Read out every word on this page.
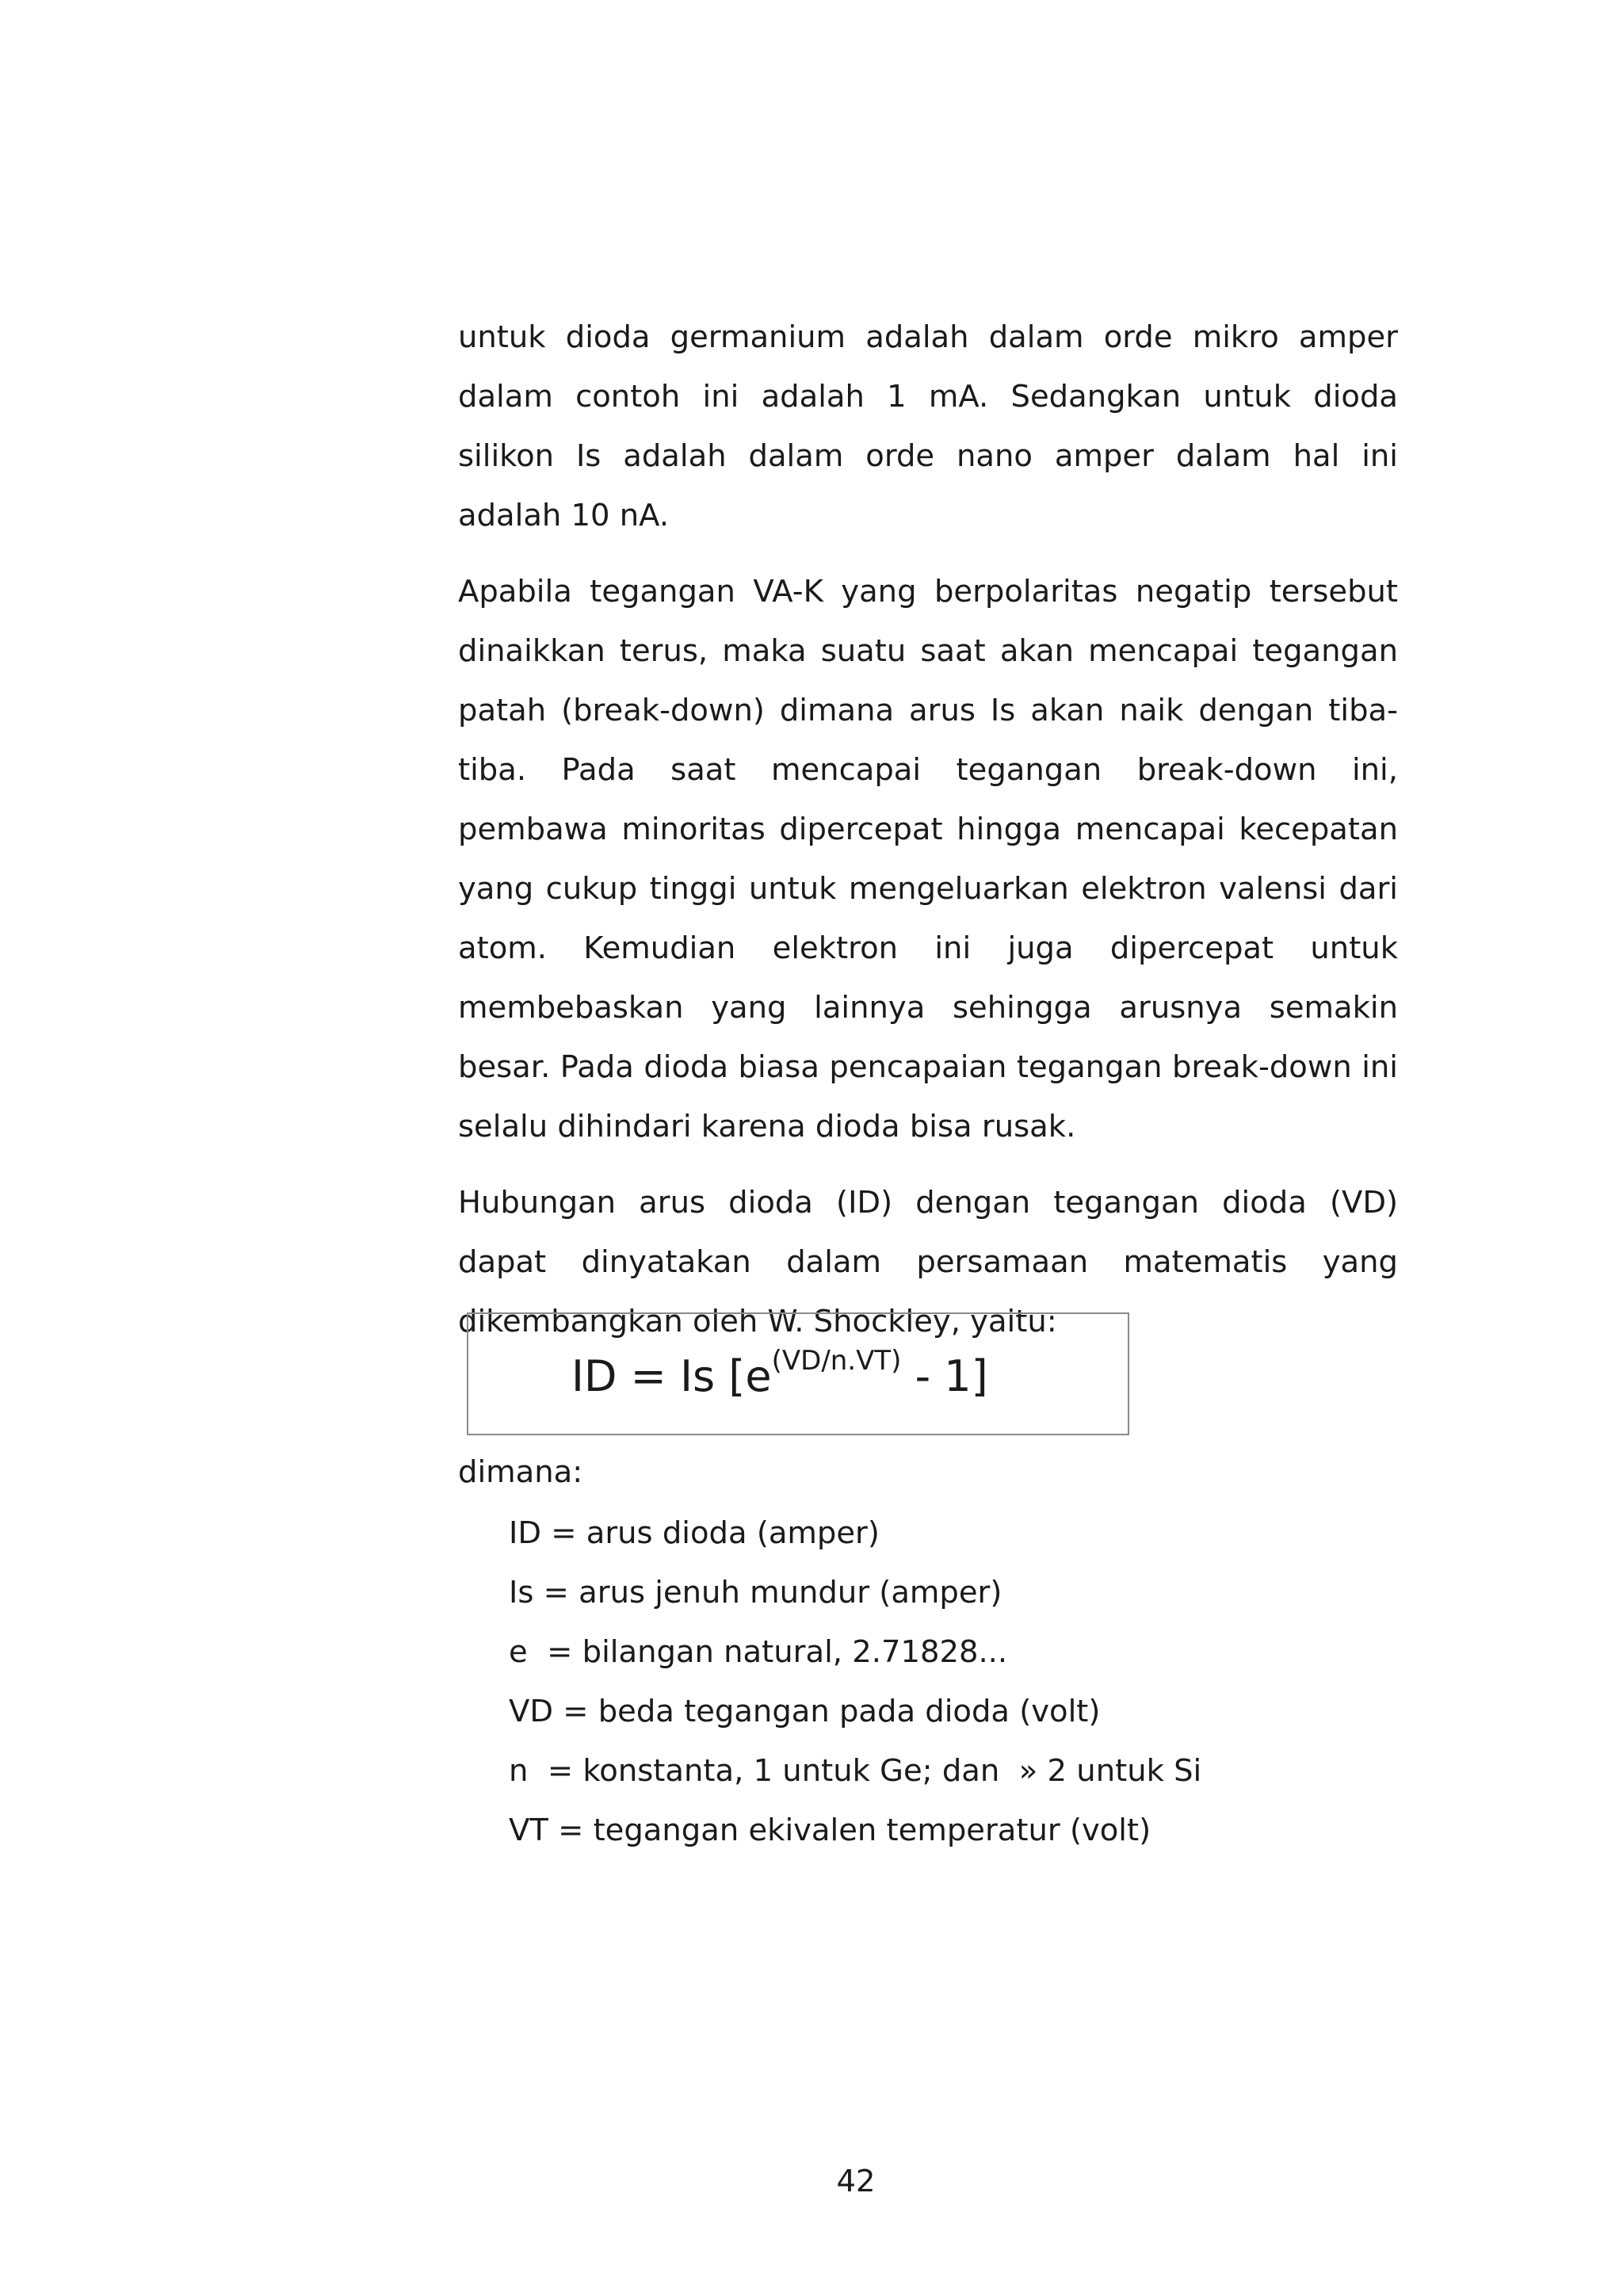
untuk dioda germanium adalah dalam orde mikro amper dalam contoh ini adalah 1 mA. Sedangkan untuk dioda silikon Is adalah dalam orde nano amper dalam hal ini adalah 10 nA.

Apabila tegangan VA-K yang berpolaritas negatip tersebut dinaikkan terus, maka suatu saat akan mencapai tegangan patah (break-down) dimana arus Is akan naik dengan tiba-tiba. Pada saat mencapai tegangan break-down ini, pembawa minoritas dipercepat hingga mencapai kecepatan yang cukup tinggi untuk mengeluarkan elektron valensi dari atom. Kemudian elektron ini juga dipercepat untuk membebaskan yang lainnya sehingga arusnya semakin besar. Pada dioda biasa pencapaian tegangan break-down ini selalu dihindari karena dioda bisa rusak.

Hubungan arus dioda (ID) dengan tegangan dioda (VD) dapat dinyatakan dalam persamaan matematis yang dikembangkan oleh W. Shockley, yaitu:

ID = Is $[e^{(VD/n.VT)} - 1]$
dimana:
ID = arus dioda (amper)
Is = arus jenuh mundur (amper)
e  = bilangan natural, 2.71828...
VD = beda tegangan pada dioda (volt)
n  = konstanta, 1 untuk Ge; dan  » 2 untuk Si
VT = tegangan ekivalen temperatur (volt)
42
